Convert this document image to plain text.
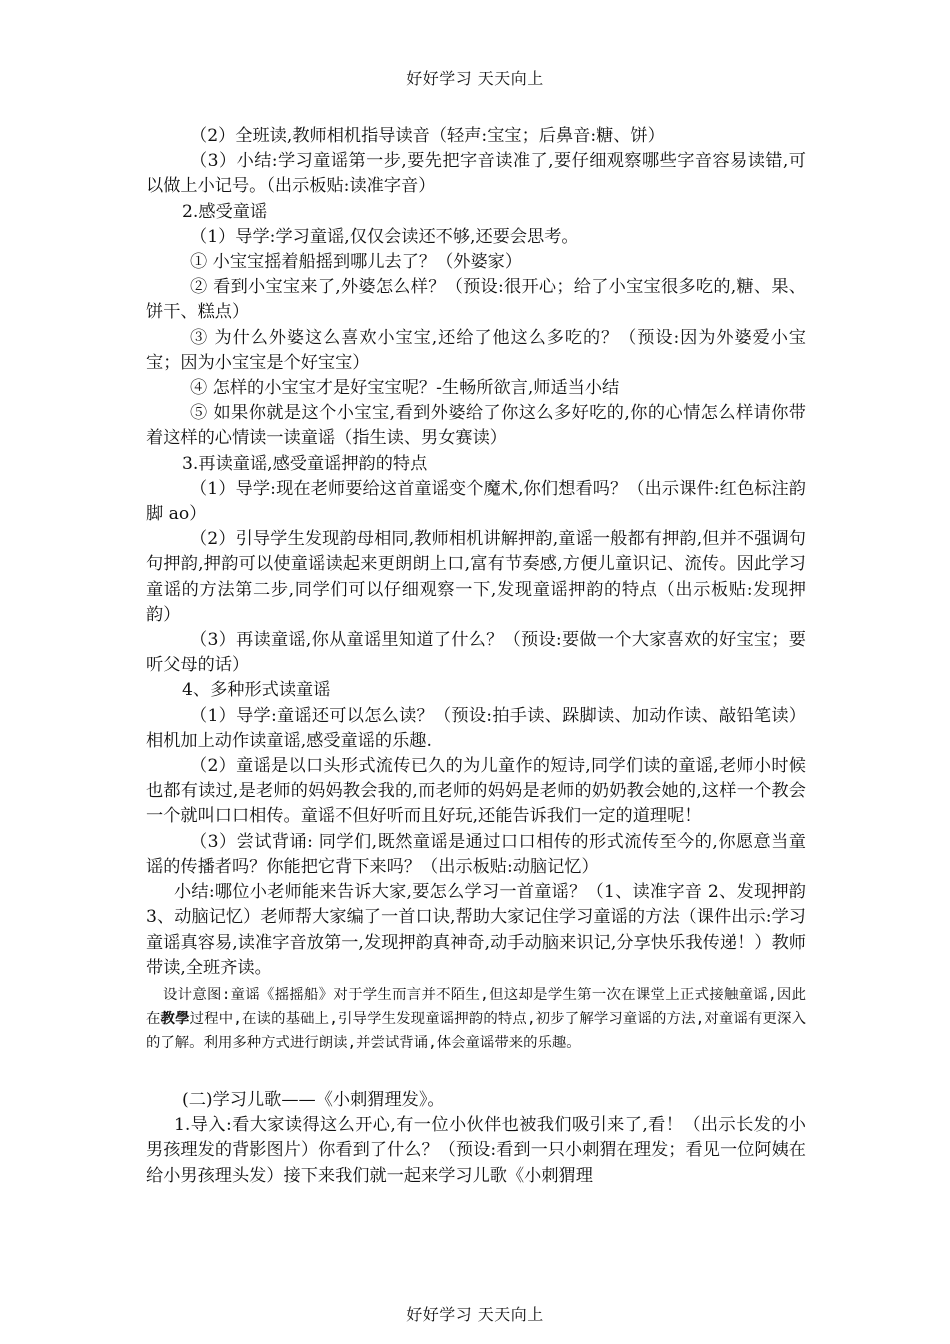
好好学习 天天向上

（2）全班读,教师相机指导读音（轻声:宝宝；后鼻音:糖、饼）

（3）小结:学习童谣第一步,要先把字音读准了,要仔细观察哪些字音容易读错,可以做上小记号。（出示板贴:读准字音）

2.感受童谣

（1）导学:学习童谣,仅仅会读还不够,还要会思考。

① 小宝宝摇着船摇到哪儿去了？（外婆家）

② 看到小宝宝来了,外婆怎么样？（预设:很开心；给了小宝宝很多吃的,糖、果、饼干、糕点）

③ 为什么外婆这么喜欢小宝宝,还给了他这么多吃的？（预设:因为外婆爱小宝宝；因为小宝宝是个好宝宝）

④ 怎样的小宝宝才是好宝宝呢？-生畅所欲言,师适当小结

⑤ 如果你就是这个小宝宝,看到外婆给了你这么多好吃的,你的心情怎么样请你带着这样的心情读一读童谣（指生读、男女赛读）

3.再读童谣,感受童谣押韵的特点

（1）导学:现在老师要给这首童谣变个魔术,你们想看吗？（出示课件:红色标注韵脚 ao）

（2）引导学生发现韵母相同,教师相机讲解押韵,童谣一般都有押韵,但并不强调句句押韵,押韵可以使童谣读起来更朗朗上口,富有节奏感,方便儿童识记、流传。因此学习童谣的方法第二步,同学们可以仔细观察一下,发现童谣押韵的特点（出示板贴:发现押韵）

（3）再读童谣,你从童谣里知道了什么？（预设:要做一个大家喜欢的好宝宝；要听父母的话）

4、多种形式读童谣

（1）导学:童谣还可以怎么读？（预设:拍手读、跺脚读、加动作读、敲铅笔读）相机加上动作读童谣,感受童谣的乐趣.

（2）童谣是以口头形式流传已久的为儿童作的短诗,同学们读的童谣,老师小时候也都有读过,是老师的妈妈教会我的,而老师的妈妈是老师的奶奶教会她的,这样一个教会一个就叫口口相传。童谣不但好听而且好玩,还能告诉我们一定的道理呢！

（3）尝试背诵: 同学们,既然童谣是通过口口相传的形式流传至今的,你愿意当童谣的传播者吗？你能把它背下来吗？（出示板贴:动脑记忆）

小结:哪位小老师能来告诉大家,要怎么学习一首童谣？（1、读准字音 2、发现押韵 3、动脑记忆）老师帮大家编了一首口诀,帮助大家记住学习童谣的方法（课件出示:学习童谣真容易,读准字音放第一,发现押韵真神奇,动手动脑来识记,分享快乐我传递！）教师带读,全班齐读。

设计意图:童谣《摇摇船》对于学生而言并不陌生,但这却是学生第一次在课堂上正式接触童谣,因此在教學过程中,在读的基础上,引导学生发现童谣押韵的特点,初步了解学习童谣的方法,对童谣有更深入的了解。利用多种方式进行朗读,并尝试背诵,体会童谣带来的乐趣。

(二)学习儿歌——《小刺猬理发》。

1.导入:看大家读得这么开心,有一位小伙伴也被我们吸引来了,看！（出示长发的小男孩理发的背影图片）你看到了什么？（预设:看到一只小刺猬在理发；看见一位阿姨在给小男孩理头发）接下来我们就一起来学习儿歌《小刺猬理

好好学习 天天向上
